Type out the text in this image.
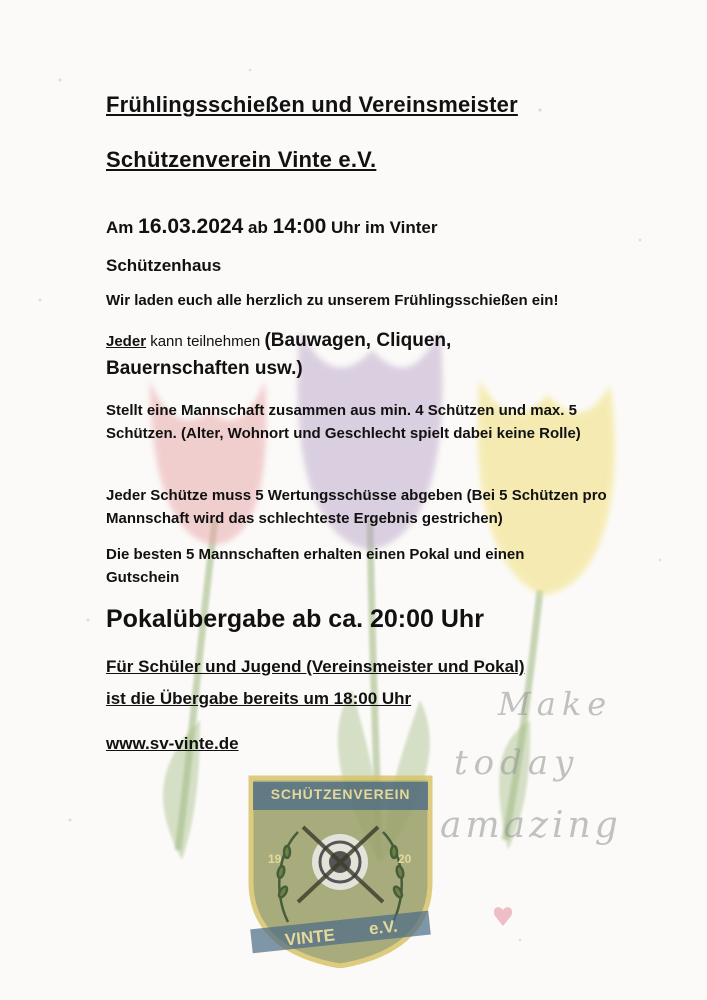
Make
today
amazing
SCHÜTZENVEREIN
19	20
VINTE e.V.
Frühlingsschießen und Vereinsmeister
Schützenverein Vinte e.V.
Am 16.03.2024 ab 14:00 Uhr im Vinter
Schützenhaus
Wir laden euch alle herzlich zu unserem Frühlingsschießen ein!
Jeder kann teilnehmen (Bauwagen, Cliquen,
Bauernschaften usw.)
Stellt eine Mannschaft zusammen aus min. 4 Schützen und max. 5 Schützen. (Alter, Wohnort und Geschlecht spielt dabei keine Rolle)
Jeder Schütze muss 5 Wertungsschüsse abgeben (Bei 5 Schützen pro Mannschaft wird das schlechteste Ergebnis gestrichen)
Die besten 5 Mannschaften erhalten einen Pokal und einen Gutschein
Pokalübergabe ab ca. 20:00 Uhr
Für Schüler und Jugend (Vereinsmeister und Pokal)
ist die Übergabe bereits um 18:00 Uhr
www.sv-vinte.de
